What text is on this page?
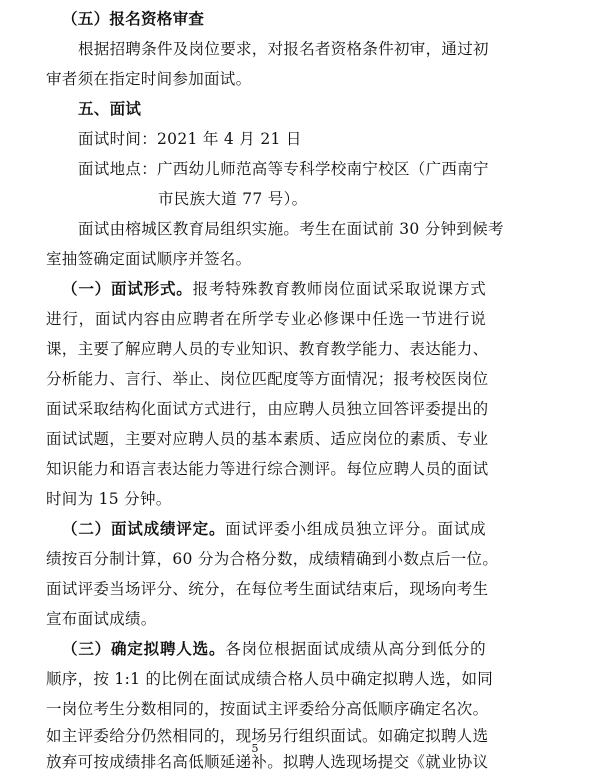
（五）报名资格审查
根据招聘条件及岗位要求，对报名者资格条件初审，通过初
审者须在指定时间参加面试。
五、面试
面试时间：2021 年 4 月 21 日
面试地点：广西幼儿师范高等专科学校南宁校区（广西南宁
市民族大道 77 号）。
面试由榕城区教育局组织实施。考生在面试前 30 分钟到候考
室抽签确定面试顺序并签名。
（一）面试形式。报考特殊教育教师岗位面试采取说课方式
进行，面试内容由应聘者在所学专业必修课中任选一节进行说
课，主要了解应聘人员的专业知识、教育教学能力、表达能力、
分析能力、言行、举止、岗位匹配度等方面情况；报考校医岗位
面试采取结构化面试方式进行，由应聘人员独立回答评委提出的
面试试题，主要对应聘人员的基本素质、适应岗位的素质、专业
知识能力和语言表达能力等进行综合测评。每位应聘人员的面试
时间为 15 分钟。
（二）面试成绩评定。面试评委小组成员独立评分。面试成
绩按百分制计算，60 分为合格分数，成绩精确到小数点后一位。
面试评委当场评分、统分，在每位考生面试结束后，现场向考生
宣布面试成绩。
（三）确定拟聘人选。各岗位根据面试成绩从高分到低分的
顺序，按 1:1 的比例在面试成绩合格人员中确定拟聘人选，如同
一岗位考生分数相同的，按面试主评委给分高低顺序确定名次。
如主评委给分仍然相同的，现场另行组织面试。如确定拟聘人选
放弃可按成绩排名高低顺延递补。拟聘人选现场提交《就业协议
5
